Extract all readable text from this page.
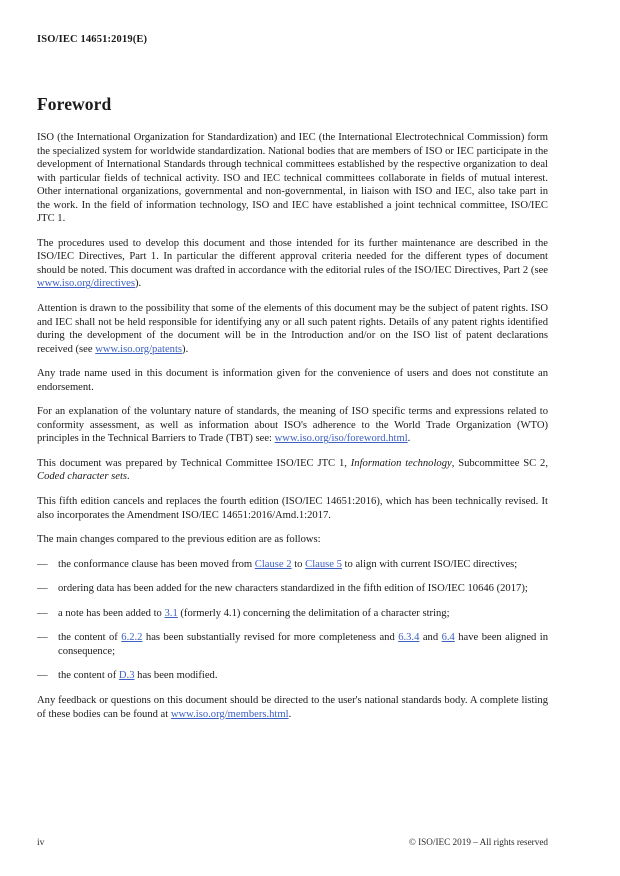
ISO/IEC 14651:2019(E)
Foreword

ISO (the International Organization for Standardization) and IEC (the International Electrotechnical Commission) form the specialized system for worldwide standardization. National bodies that are members of ISO or IEC participate in the development of International Standards through technical committees established by the respective organization to deal with particular fields of technical activity. ISO and IEC technical committees collaborate in fields of mutual interest. Other international organizations, governmental and non-governmental, in liaison with ISO and IEC, also take part in the work. In the field of information technology, ISO and IEC have established a joint technical committee, ISO/IEC JTC 1.

The procedures used to develop this document and those intended for its further maintenance are described in the ISO/IEC Directives, Part 1. In particular the different approval criteria needed for the different types of document should be noted. This document was drafted in accordance with the editorial rules of the ISO/IEC Directives, Part 2 (see www.iso.org/directives).

Attention is drawn to the possibility that some of the elements of this document may be the subject of patent rights. ISO and IEC shall not be held responsible for identifying any or all such patent rights. Details of any patent rights identified during the development of the document will be in the Introduction and/or on the ISO list of patent declarations received (see www.iso.org/patents).

Any trade name used in this document is information given for the convenience of users and does not constitute an endorsement.

For an explanation of the voluntary nature of standards, the meaning of ISO specific terms and expressions related to conformity assessment, as well as information about ISO's adherence to the World Trade Organization (WTO) principles in the Technical Barriers to Trade (TBT) see: www.iso.org/iso/foreword.html.

This document was prepared by Technical Committee ISO/IEC JTC 1, Information technology, Subcommittee SC 2, Coded character sets.

This fifth edition cancels and replaces the fourth edition (ISO/IEC 14651:2016), which has been technically revised. It also incorporates the Amendment ISO/IEC 14651:2016/Amd.1:2017.

The main changes compared to the previous edition are as follows:

— the conformance clause has been moved from Clause 2 to Clause 5 to align with current ISO/IEC directives;
— ordering data has been added for the new characters standardized in the fifth edition of ISO/IEC 10646 (2017);
— a note has been added to 3.1 (formerly 4.1) concerning the delimitation of a character string;
— the content of 6.2.2 has been substantially revised for more completeness and 6.3.4 and 6.4 have been aligned in consequence;
— the content of D.3 has been modified.

Any feedback or questions on this document should be directed to the user's national standards body. A complete listing of these bodies can be found at www.iso.org/members.html.

iv	© ISO/IEC 2019 – All rights reserved
